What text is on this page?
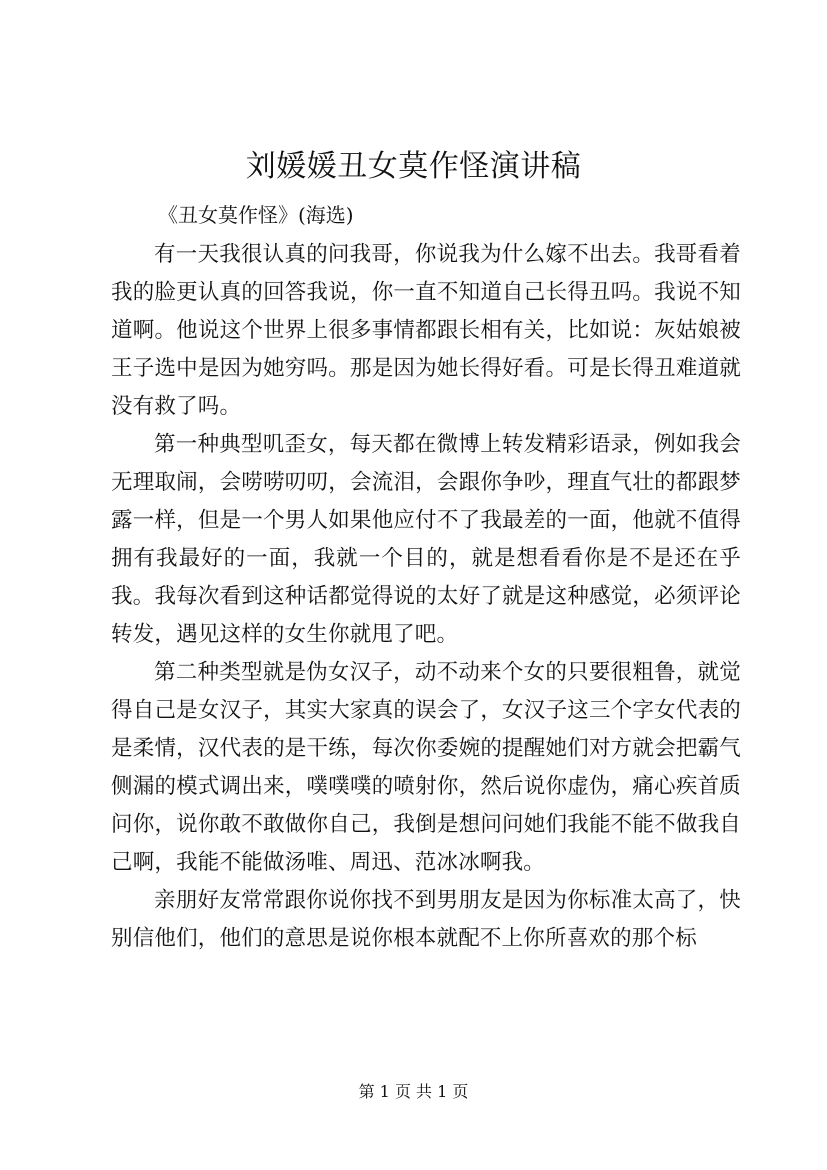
刘媛媛丑女莫作怪演讲稿

《丑女莫作怪》(海选)

有一天我很认真的问我哥，你说我为什么嫁不出去。我哥看着我的脸更认真的回答我说，你一直不知道自己长得丑吗。我说不知道啊。他说这个世界上很多事情都跟长相有关，比如说：灰姑娘被王子选中是因为她穷吗。那是因为她长得好看。可是长得丑难道就没有救了吗。

第一种典型叽歪女，每天都在微博上转发精彩语录，例如我会无理取闹，会唠唠叨叨，会流泪，会跟你争吵，理直气壮的都跟梦露一样，但是一个男人如果他应付不了我最差的一面，他就不值得拥有我最好的一面，我就一个目的，就是想看看你是不是还在乎我。我每次看到这种话都觉得说的太好了就是这种感觉，必须评论转发，遇见这样的女生你就甩了吧。

第二种类型就是伪女汉子，动不动来个女的只要很粗鲁，就觉得自己是女汉子，其实大家真的误会了，女汉子这三个字女代表的是柔情，汉代表的是干练，每次你委婉的提醒她们对方就会把霸气侧漏的模式调出来，噗噗噗的喷射你，然后说你虚伪，痛心疾首质问你，说你敢不敢做你自己，我倒是想问问她们我能不能不做我自己啊，我能不能做汤唯、周迅、范冰冰啊我。

亲朋好友常常跟你说你找不到男朋友是因为你标准太高了，快别信他们，他们的意思是说你根本就配不上你所喜欢的那个标

第 1 页 共 1 页
